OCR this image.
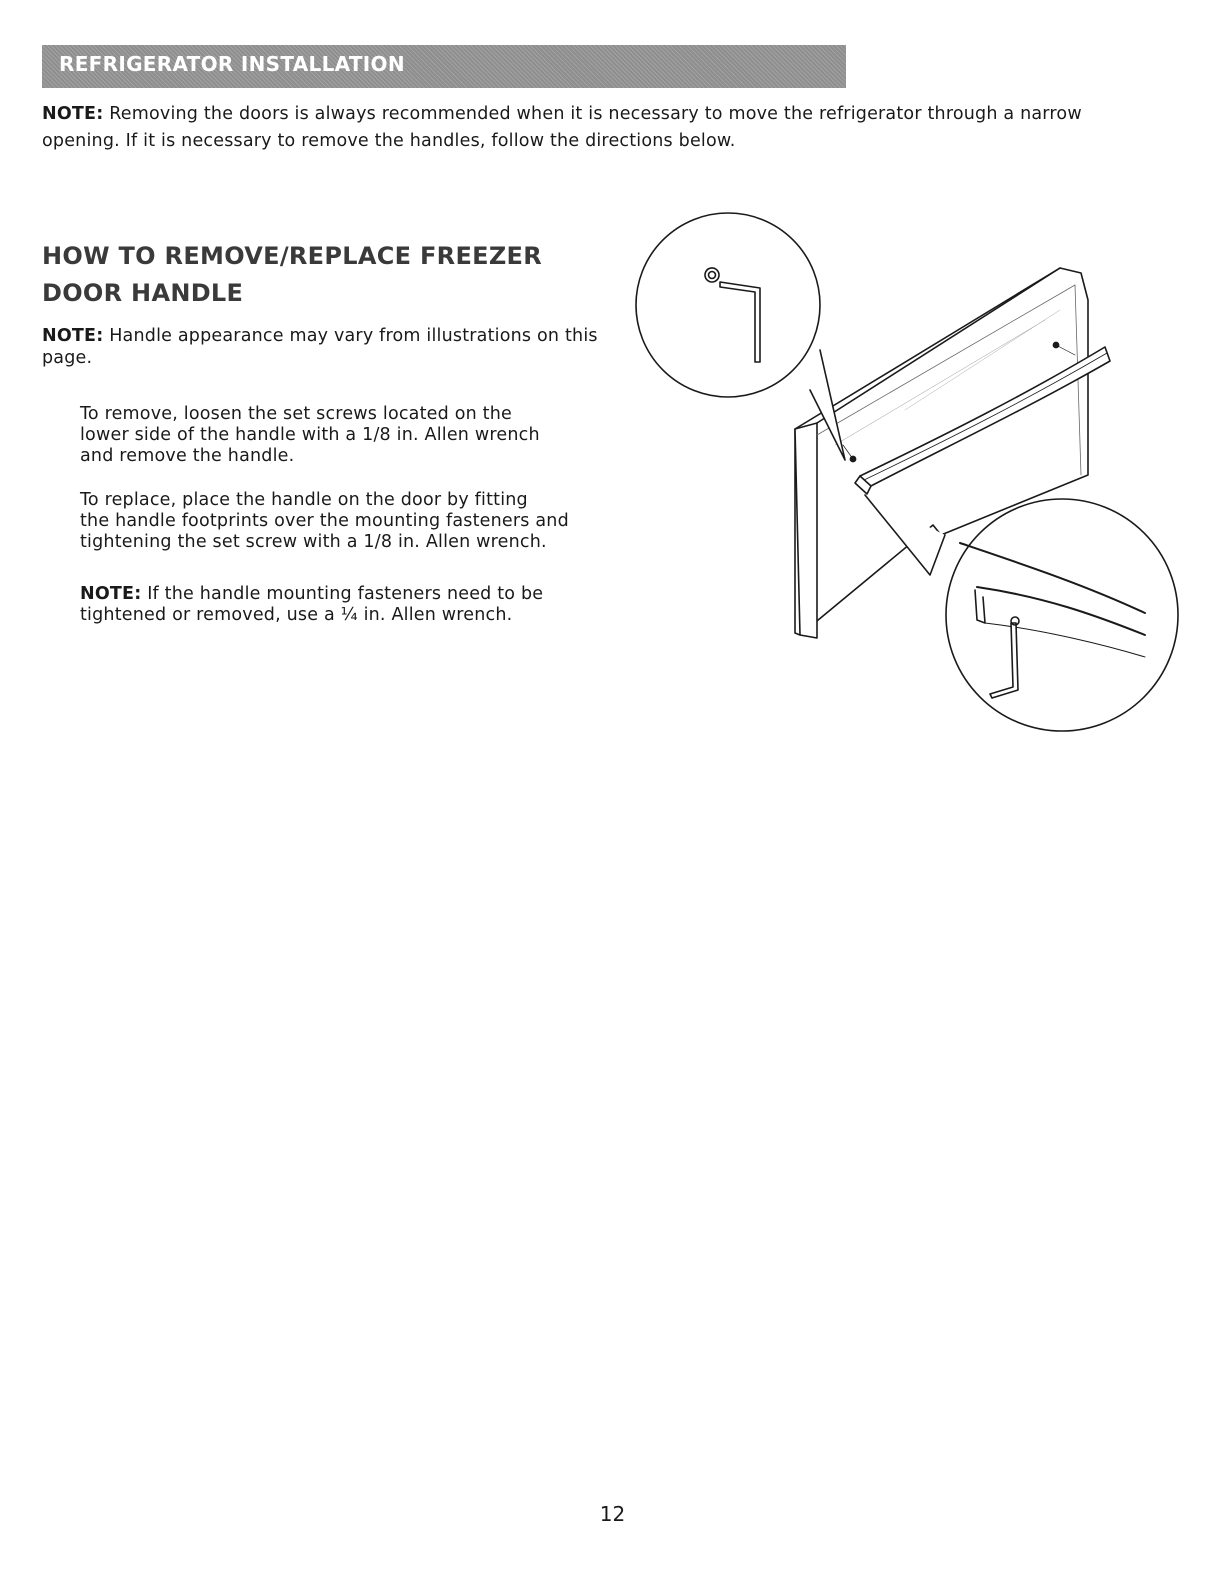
REFRIGERATOR INSTALLATION

NOTE: Removing the doors is always recommended when it is necessary to move the refrigerator through a narrow opening. If it is necessary to remove the handles, follow the directions below.

HOW TO REMOVE/REPLACE FREEZER
DOOR HANDLE

NOTE: Handle appearance may vary from illustrations on this page.

To remove, loosen the set screws located on the
lower side of the handle with a 1/8 in. Allen wrench
and remove the handle.
To replace, place the handle on the door by fitting
the handle footprints over the mounting fasteners and
tightening the set screw with a 1/8 in. Allen wrench.
NOTE: If the handle mounting fasteners need to be
tightened or removed, use a ¼ in. Allen wrench.

12
